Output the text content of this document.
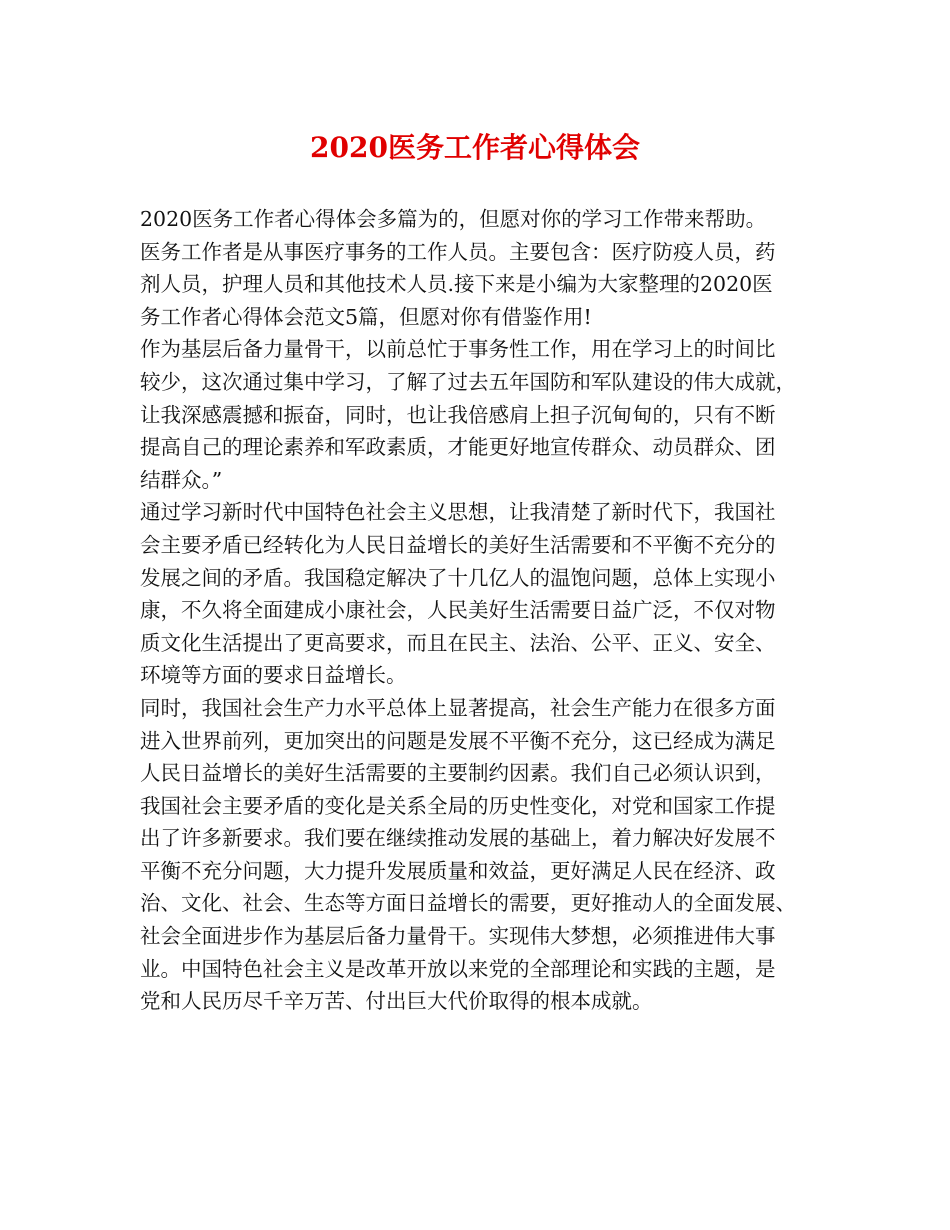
2020医务工作者心得体会
2020医务工作者心得体会多篇为的，但愿对你的学习工作带来帮助。
医务工作者是从事医疗事务的工作人员。主要包含：医疗防疫人员，药
剂人员，护理人员和其他技术人员.接下来是小编为大家整理的2020医
务工作者心得体会范文5篇，但愿对你有借鉴作用!
作为基层后备力量骨干，以前总忙于事务性工作，用在学习上的时间比
较少，这次通过集中学习，了解了过去五年国防和军队建设的伟大成就，
让我深感震撼和振奋，同时，也让我倍感肩上担子沉甸甸的，只有不断
提高自己的理论素养和军政素质，才能更好地宣传群众、动员群众、团
结群众。”
通过学习新时代中国特色社会主义思想，让我清楚了新时代下，我国社
会主要矛盾已经转化为人民日益增长的美好生活需要和不平衡不充分的
发展之间的矛盾。我国稳定解决了十几亿人的温饱问题，总体上实现小
康，不久将全面建成小康社会，人民美好生活需要日益广泛，不仅对物
质文化生活提出了更高要求，而且在民主、法治、公平、正义、安全、
环境等方面的要求日益增长。
同时，我国社会生产力水平总体上显著提高，社会生产能力在很多方面
进入世界前列，更加突出的问题是发展不平衡不充分，这已经成为满足
人民日益增长的美好生活需要的主要制约因素。我们自己必须认识到，
我国社会主要矛盾的变化是关系全局的历史性变化，对党和国家工作提
出了许多新要求。我们要在继续推动发展的基础上，着力解决好发展不
平衡不充分问题，大力提升发展质量和效益，更好满足人民在经济、政
治、文化、社会、生态等方面日益增长的需要，更好推动人的全面发展、
社会全面进步作为基层后备力量骨干。实现伟大梦想，必须推进伟大事
业。中国特色社会主义是改革开放以来党的全部理论和实践的主题，是
党和人民历尽千辛万苦、付出巨大代价取得的根本成就。
